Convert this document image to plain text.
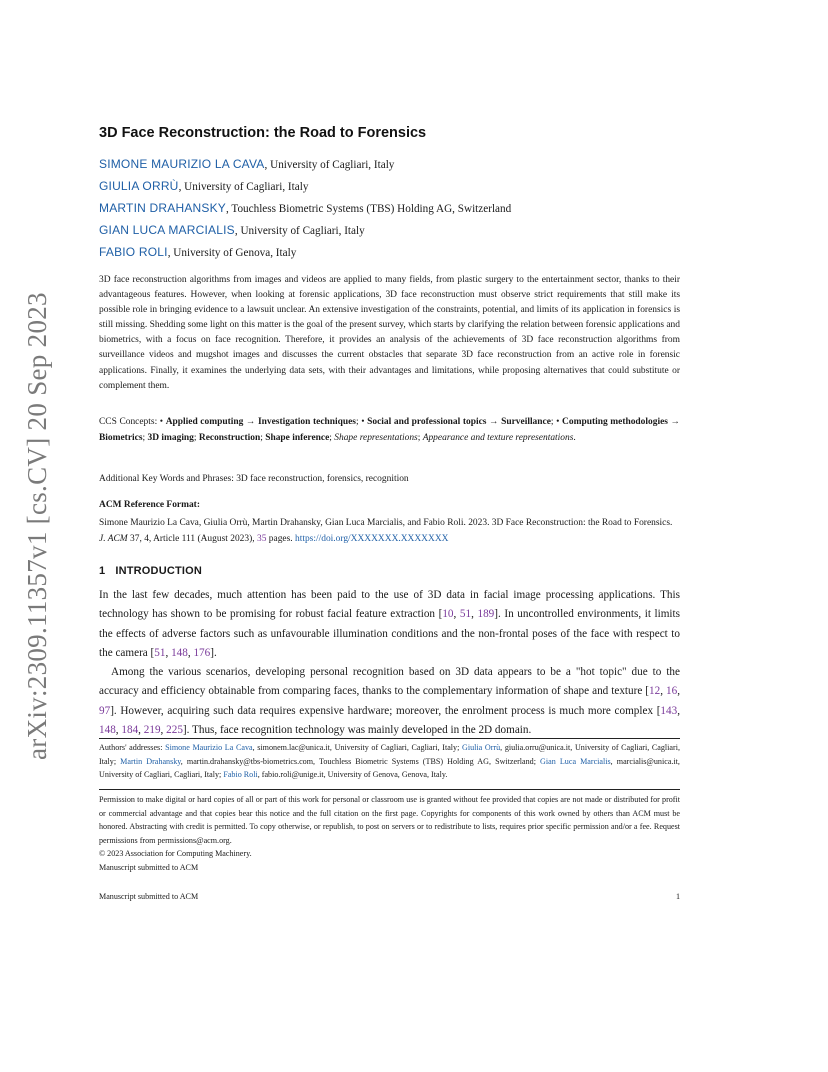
arXiv:2309.11357v1 [cs.CV] 20 Sep 2023
3D Face Reconstruction: the Road to Forensics
SIMONE MAURIZIO LA CAVA, University of Cagliari, Italy
GIULIA ORRÙ, University of Cagliari, Italy
MARTIN DRAHANSKY, Touchless Biometric Systems (TBS) Holding AG, Switzerland
GIAN LUCA MARCIALIS, University of Cagliari, Italy
FABIO ROLI, University of Genova, Italy
3D face reconstruction algorithms from images and videos are applied to many fields, from plastic surgery to the entertainment sector, thanks to their advantageous features. However, when looking at forensic applications, 3D face reconstruction must observe strict requirements that still make its possible role in bringing evidence to a lawsuit unclear. An extensive investigation of the constraints, potential, and limits of its application in forensics is still missing. Shedding some light on this matter is the goal of the present survey, which starts by clarifying the relation between forensic applications and biometrics, with a focus on face recognition. Therefore, it provides an analysis of the achievements of 3D face reconstruction algorithms from surveillance videos and mugshot images and discusses the current obstacles that separate 3D face reconstruction from an active role in forensic applications. Finally, it examines the underlying data sets, with their advantages and limitations, while proposing alternatives that could substitute or complement them.
CCS Concepts: • Applied computing → Investigation techniques; • Social and professional topics → Surveillance; • Computing methodologies → Biometrics; 3D imaging; Reconstruction; Shape inference; Shape representations; Appearance and texture representations.
Additional Key Words and Phrases: 3D face reconstruction, forensics, recognition
ACM Reference Format:
Simone Maurizio La Cava, Giulia Orrù, Martin Drahansky, Gian Luca Marcialis, and Fabio Roli. 2023. 3D Face Reconstruction: the Road to Forensics. J. ACM 37, 4, Article 111 (August 2023), 35 pages. https://doi.org/XXXXXXX.XXXXXXX
1 INTRODUCTION

In the last few decades, much attention has been paid to the use of 3D data in facial image processing applications. This technology has shown to be promising for robust facial feature extraction [10, 51, 189]. In uncontrolled environments, it limits the effects of adverse factors such as unfavourable illumination conditions and the non-frontal poses of the face with respect to the camera [51, 148, 176].

Among the various scenarios, developing personal recognition based on 3D data appears to be a "hot topic" due to the accuracy and efficiency obtainable from comparing faces, thanks to the complementary information of shape and texture [12, 16, 97]. However, acquiring such data requires expensive hardware; moreover, the enrolment process is much more complex [143, 148, 184, 219, 225]. Thus, face recognition technology was mainly developed in the 2D domain.

Authors' addresses: Simone Maurizio La Cava, simonem.lac@unica.it, University of Cagliari, Cagliari, Italy; Giulia Orrù, giulia.orru@unica.it, University of Cagliari, Cagliari, Italy; Martin Drahansky, martin.drahansky@tbs-biometrics.com, Touchless Biometric Systems (TBS) Holding AG, Switzerland; Gian Luca Marcialis, marcialis@unica.it, University of Cagliari, Cagliari, Italy; Fabio Roli, fabio.roli@unige.it, University of Genova, Genova, Italy.

Permission to make digital or hard copies of all or part of this work for personal or classroom use is granted without fee provided that copies are not made or distributed for profit or commercial advantage and that copies bear this notice and the full citation on the first page. Copyrights for components of this work owned by others than ACM must be honored. Abstracting with credit is permitted. To copy otherwise, or republish, to post on servers or to redistribute to lists, requires prior specific permission and/or a fee. Request permissions from permissions@acm.org.

© 2023 Association for Computing Machinery.

Manuscript submitted to ACM

Manuscript submitted to ACM	1
